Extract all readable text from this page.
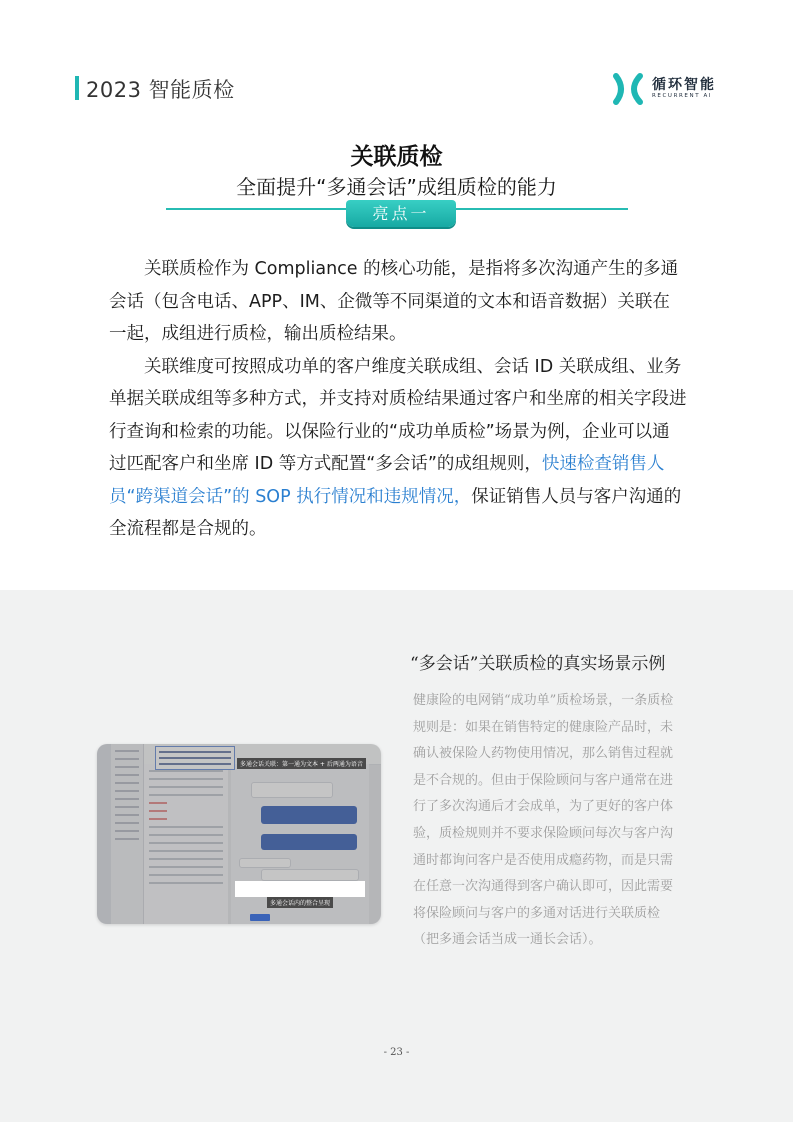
2023 智能质检	循环智能
RECURRENT AI
关联质检
全面提升“多通会话”成组质检的能力
亮点一

关联质检作为 Compliance 的核心功能，是指将多次沟通产生的多通会话（包含电话、APP、IM、企微等不同渠道的文本和语音数据）关联在一起，成组进行质检，输出质检结果。

关联维度可按照成功单的客户维度关联成组、会话 ID 关联成组、业务单据关联成组等多种方式，并支持对质检结果通过客户和坐席的相关字段进行查询和检索的功能。以保险行业的“成功单质检”场景为例，企业可以通过匹配客户和坐席 ID 等方式配置“多会话”的成组规则，快速检查销售人员“跨渠道会话”的 SOP 执行情况和违规情况，保证销售人员与客户沟通的全流程都是合规的。

多通会话关联：第一通为文本 + 后两通为语音
多通会话内的整合呈现
“多会话”关联质检的真实场景示例
健康险的电网销“成功单”质检场景，一条质检规则是：如果在销售特定的健康险产品时，未确认被保险人药物使用情况，那么销售过程就是不合规的。但由于保险顾问与客户通常在进行了多次沟通后才会成单，为了更好的客户体验，质检规则并不要求保险顾问每次与客户沟通时都询问客户是否使用成瘾药物，而是只需在任意一次沟通得到客户确认即可，因此需要将保险顾问与客户的多通对话进行关联质检（把多通会话当成一通长会话）。
- 23 -
